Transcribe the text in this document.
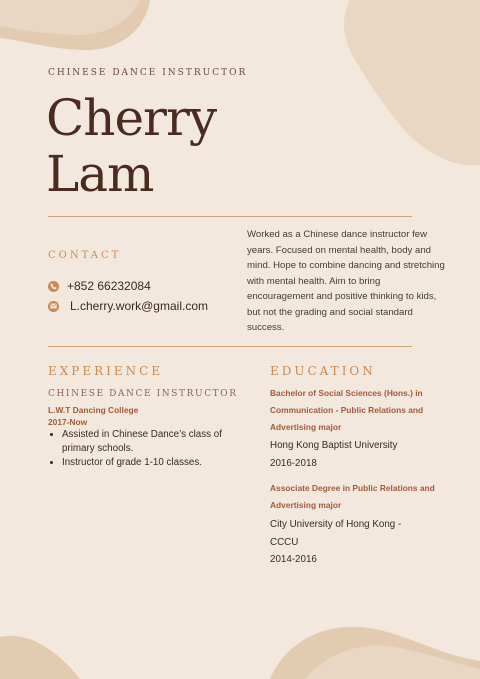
CHINESE DANCE INSTRUCTOR
Cherry
Lam
CONTACT
+852 66232084
L.cherry.work@gmail.com
Worked as a Chinese dance instructor few years. Focused on mental health, body and mind. Hope to combine dancing and stretching with mental health. Aim to bring encouragement and positive thinking to kids, but not the grading and social standard success.
EXPERIENCE
CHINESE DANCE INSTRUCTOR
L.W.T Dancing College
2017-Now
• Assisted in Chinese Dance’s class of primary schools.
• Instructor of grade 1-10 classes.
EDUCATION
Bachelor of Social Sciences (Hons.) in Communication - Public Relations and Advertising major
Hong Kong Baptist University
2016-2018
Associate Degree in Public Relations and Advertising major
City University of Hong Kong - CCCU
2014-2016
